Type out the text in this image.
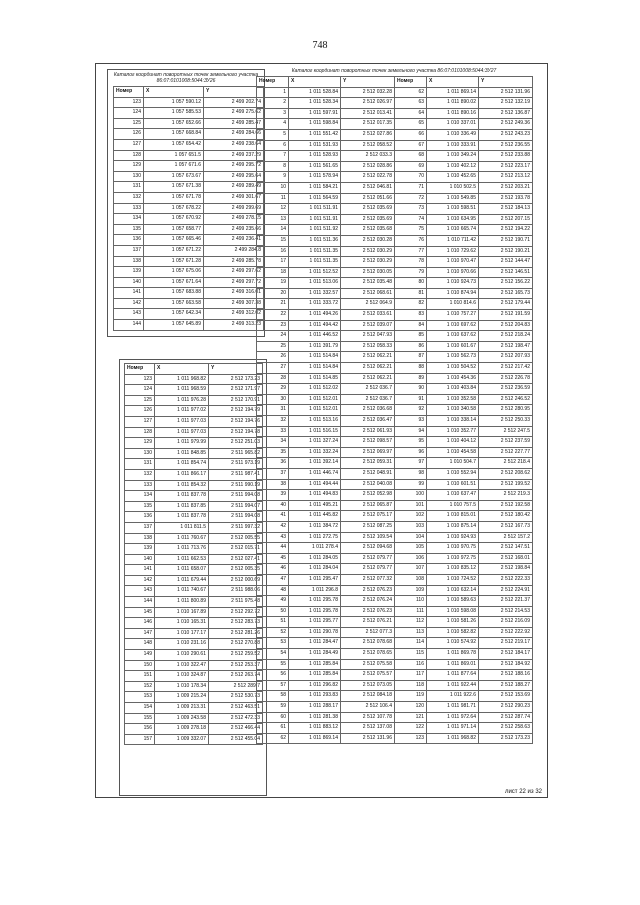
748
Каталог координат поворотных точек земельного участка 86:07:0101008:5044:ЗУ26
Номер	X	Y
123	1 057 590.12	2 499 202.74
124	1 057 585.53	2 499 275.62
125	1 057 652.66	2 499 285.47
126	1 057 668.84	2 499 284.66
127	1 057 654.42	2 499 238.64
128	1 057 651.5	2 499 237.29
129	1 057 671.6	2 499 295.72
130	1 057 673.67	2 499 295.64
131	1 057 671.38	2 499 289.49
132	1 057 671.78	2 499 301.67
133	1 057 678.22	2 499 299.69
134	1 057 670.92	2 499 278.15
135	1 057 658.77	2 499 235.66
136	1 057 665.46	2 499 236.41
137	1 057 671.22	2 499 284.8
138	1 057 671.28	2 499 285.78
139	1 057 675.06	2 499 297.62
140	1 057 671.64	2 499 297.72
141	1 057 683.88	2 499 316.01
142	1 057 663.58	2 499 307.38
143	1 057 642.34	2 499 312.02
144	1 057 645.89	2 499 313.23
Номер	X	Y
123	1 011 968.82	2 512 173.23
124	1 011 968.59	2 512 171.97
125	1 011 976.28	2 512 170.91
126	1 011 977.02	2 512 194.79
127	1 011 977.03	2 512 194.76
128	1 011 977.03	2 512 194.78
129	1 011 979.99	2 512 251.03
130	1 011 848.85	2 511 965.82
131	1 011 854.74	2 511 973.19
132	1 011 866.17	2 511 987.41
133	1 011 854.32	2 511 990.19
134	1 011 837.78	2 511 994.08
135	1 011 837.85	2 511 994.07
136	1 011 837.78	2 511 994.08
137	1 011 811.5	2 511 997.32
138	1 011 760.67	2 512 005.55
139	1 011 713.76	2 512 015.71
140	1 011 662.53	2 512 027.41
141	1 011 658.07	2 512 005.35
142	1 011 679.44	2 512 000.69
143	1 011 740.67	2 511 988.06
144	1 011 800.89	2 511 975.48
145	1 010 167.89	2 512 292.72
146	1 010 165.31	2 512 283.73
147	1 010 177.17	2 512 281.26
148	1 010 231.16	2 512 270.88
149	1 010 290.61	2 512 259.52
150	1 010 322.47	2 512 253.37
151	1 010 324.87	2 512 263.74
152	1 010 178.34	2 512 289.7
153	1 009 215.24	2 512 530.73
154	1 009 213.31	2 512 463.51
155	1 009 243.58	2 512 472.33
156	1 009 278.18	2 512 466.44
157	1 009 332.07	2 512 455.04
Каталог координат поворотных точек земельного участка 86:07:0101008:5044:ЗУ27
Номер	X	Y	Номер	X	Y
1	1 011 528.84	2 512 032.28	62	1 011 869.14	2 512 131.96
2	1 011 528.34	2 512 026.97	63	1 011 890.02	2 512 132.19
3	1 011 597.91	2 512 013.41	64	1 011 890.16	2 512 136.87
4	1 011 598.84	2 512 017.35	65	1 010 337.01	2 512 249.36
5	1 011 551.42	2 512 027.86	66	1 010 336.49	2 512 243.23
6	1 011 531.93	2 512 058.52	67	1 010 333.91	2 512 236.55
7	1 011 528.93	2 512 033.3	68	1 010 349.24	2 512 233.88
8	1 011 561.65	2 512 028.86	69	1 010 402.12	2 512 223.17
9	1 011 578.94	2 512 022.78	70	1 010 452.65	2 512 213.12
10	1 011 584.21	2 512 046.81	71	1 010 502.5	2 512 203.21
11	1 011 564.59	2 512 051.66	72	1 010 549.85	2 512 193.78
12	1 011 511.91	2 512 035.69	73	1 010 598.51	2 512 184.13
13	1 011 511.91	2 512 035.69	74	1 010 634.95	2 512 207.15
14	1 011 511.92	2 512 035.68	75	1 010 665.74	2 512 194.22
15	1 011 511.36	2 512 030.28	76	1 010 711.42	2 512 190.71
16	1 011 511.35	2 512 030.29	77	1 010 729.62	2 512 190.21
17	1 011 511.35	2 512 030.29	78	1 010 970.47	2 512 144.47
18	1 011 512.52	2 512 030.05	79	1 010 970.66	2 512 146.51
19	1 011 513.06	2 512 035.48	80	1 010 924.73	2 512 156.22
20	1 011 332.57	2 512 068.61	81	1 010 874.94	2 512 165.73
21	1 011 333.72	2 512 064.9	82	1 010 814.6	2 512 179.44
22	1 011 494.26	2 512 033.61	83	1 010 757.27	2 512 191.59
23	1 011 494.42	2 512 039.07	84	1 010 697.62	2 512 204.83
24	1 011 446.52	2 512 047.93	85	1 010 637.62	2 512 218.24
25	1 011 391.79	2 512 058.33	86	1 010 601.67	2 512 198.47
26	1 011 514.84	2 512 062.21	87	1 010 562.73	2 512 207.93
27	1 011 514.84	2 512 062.21	88	1 010 504.52	2 512 217.42
28	1 011 514.85	2 512 062.21	89	1 010 454.36	2 512 226.78
29	1 011 512.02	2 512 036.7	90	1 010 403.84	2 512 236.59
30	1 011 512.01	2 512 036.7	91	1 010 352.58	2 512 246.52
31	1 011 512.01	2 512 036.68	92	1 010 340.58	2 512 280.95
32	1 011 513.16	2 512 036.47	93	1 010 338.14	2 512 250.33
33	1 011 516.15	2 512 061.93	94	1 010 352.77	2 512 247.5
34	1 011 327.24	2 512 098.57	95	1 010 404.12	2 512 237.59
35	1 011 332.24	2 512 069.97	96	1 010 454.58	2 512 227.77
36	1 011 392.14	2 512 059.31	97	1 010 504.7	2 512 218.4
37	1 011 446.74	2 512 048.91	98	1 010 552.94	2 512 208.62
38	1 011 494.44	2 512 040.08	99	1 010 601.51	2 512 199.52
39	1 011 494.83	2 512 052.98	100	1 010 637.47	2 512 219.3
40	1 011 495.21	2 512 065.87	101	1 010 757.5	2 512 192.58
41	1 011 445.82	2 512 075.17	102	1 010 815.01	2 512 180.42
42	1 011 384.72	2 512 087.25	103	1 010 875.14	2 512 167.73
43	1 011 272.75	2 512 109.54	104	1 010 924.93	2 512 157.2
44	1 011 278.4	2 512 094.68	105	1 010 970.75	2 512 147.51
45	1 011 284.05	2 512 079.77	106	1 010 972.75	2 512 168.01
46	1 011 284.04	2 512 079.77	107	1 010 835.12	2 512 198.84
47	1 011 295.47	2 512 077.32	108	1 010 724.52	2 512 222.33
48	1 011 296.8	2 512 076.23	109	1 010 632.14	2 512 224.91
49	1 011 295.78	2 512 076.24	110	1 010 589.63	2 512 221.37
50	1 011 295.78	2 512 076.23	111	1 010 598.08	2 512 214.53
51	1 011 295.77	2 512 076.21	112	1 010 581.26	2 512 216.09
52	1 011 290.78	2 512 077.3	113	1 010 582.82	2 512 222.92
53	1 011 284.47	2 512 078.68	114	1 010 574.92	2 512 219.17
54	1 011 284.49	2 512 078.65	115	1 011 869.78	2 512 184.17
55	1 011 285.84	2 512 075.58	116	1 011 869.01	2 512 184.92
56	1 011 285.84	2 512 075.57	117	1 011 877.64	2 512 188.16
57	1 011 296.82	2 512 073.05	118	1 011 922.44	2 512 188.27
58	1 011 293.83	2 512 084.18	119	1 011 922.6	2 512 153.69
59	1 011 288.17	2 512 106.4	120	1 011 981.71	2 512 290.23
60	1 011 281.38	2 512 107.78	121	1 011 972.64	2 512 287.74
61	1 011 883.12	2 512 137.08	122	1 011 971.14	2 512 258.63
62	1 011 869.14	2 512 131.96	123	1 011 968.82	2 512 173.23
лист 22 из 32
